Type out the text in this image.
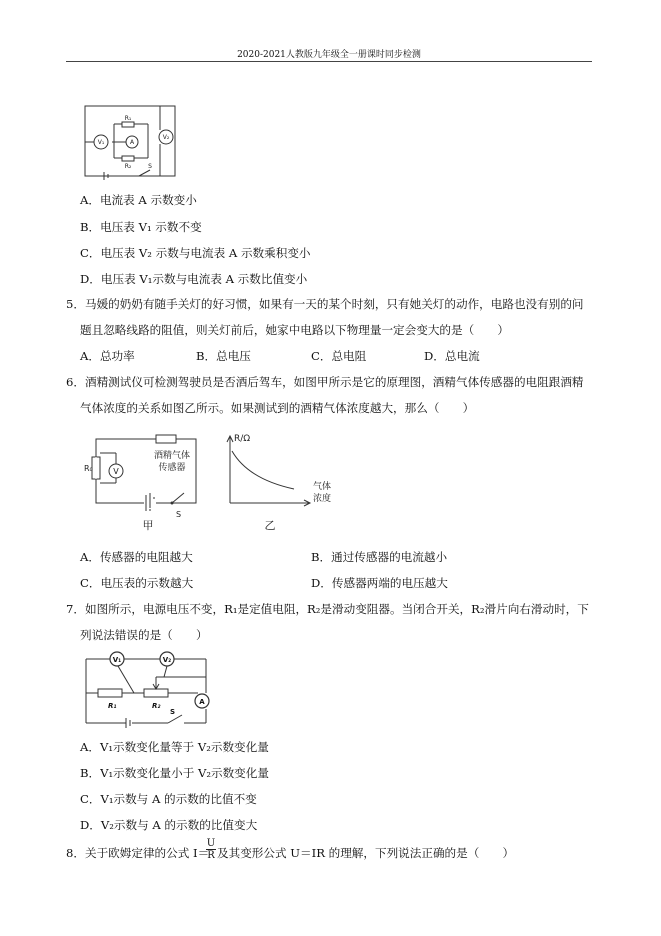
2020-2021人教版九年级全一册课时同步检测
V₁	A
V₂
R₁
R₂	S
A．电流表 A 示数变小
B．电压表 V₁ 示数不变
C．电压表 V₂ 示数与电流表 A 示数乘积变小
D．电压表 V₁示数与电流表 A 示数比值变小
5．马媛的奶奶有随手关灯的好习惯，如果有一天的某个时刻，只有她关灯的动作，电路也没有别的问
题且忽略线路的阻值，则关灯前后，她家中电路以下物理量一定会变大的是（　　）
A．总功率	B．总电压	C．总电阻	D．总电流
6．酒精测试仪可检测驾驶员是否酒后驾车，如图甲所示是它的原理图，酒精气体传感器的电阻跟酒精
气体浓度的关系如图乙所示。如果测试到的酒精气体浓度越大，那么（　　）
R₀	V
酒精气体
传感器
S
甲
R/Ω
气体
浓度
乙
A．传感器的电阻越大	B．通过传感器的电流越小
C．电压表的示数越大	D．传感器两端的电压越大
7．如图所示，电源电压不变，R₁是定值电阻，R₂是滑动变阻器。当闭合开关，R₂滑片向右滑动时，下
列说法错误的是（　　）
V₁	V₂
A
R₁	R₂
S
A．V₁示数变化量等于 V₂示数变化量
B．V₁示数变化量小于 V₂示数变化量
C．V₁示数与 A 的示数的比值不变
D．V₂示数与 A 的示数的比值变大
8．关于欧姆定律的公式 I＝
U
R 及其变形公式 U＝IR 的理解，下列说法正确的是（　　）
